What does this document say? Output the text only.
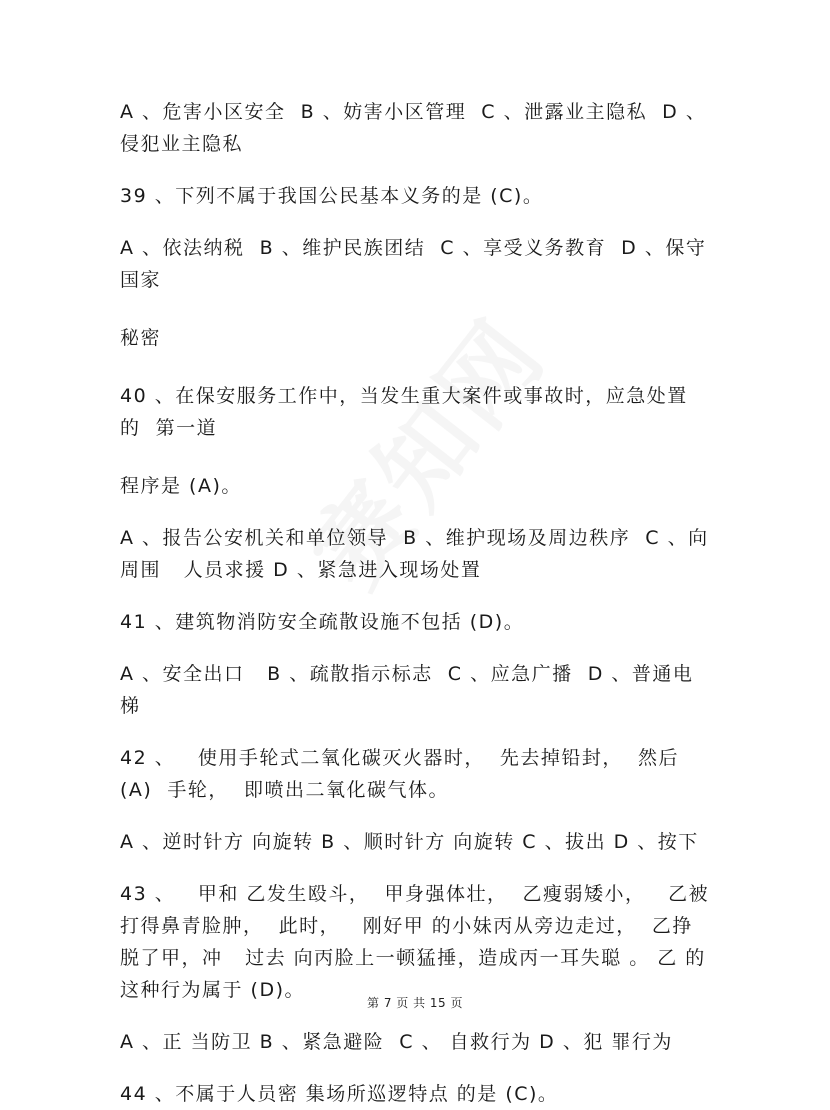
A 、危害小区安全  B 、妨害小区管理  C 、泄露业主隐私  D 、侵犯业主隐私

39 、下列不属于我国公民基本义务的是 (C)。

A 、依法纳税  B 、维护民族团结  C 、享受义务教育  D 、保守国家

秘密

40 、在保安服务工作中，当发生重大案件或事故时，应急处置 的  第一道

程序是 (A)。

A 、报告公安机关和单位领导  B 、维护现场及周边秩序  C 、向周围   人员求援 D 、紧急进入现场处置

41 、建筑物消防安全疏散设施不包括 (D)。

A 、安全出口   B 、疏散指示标志  C 、应急广播  D 、普通电梯

42 、   使用手轮式二氧化碳灭火器时，  先去掉铅封，  然后 (A)  手轮，  即喷出二氧化碳气体。

A 、逆时针方 向旋转 B 、顺时针方 向旋转 C 、拔出 D 、按下

43 、   甲和 乙发生殴斗，  甲身强体壮，  乙瘦弱矮小，   乙被打得鼻青脸肿，  此时，   刚好甲 的小妹丙从旁边走过，  乙挣脱了甲，冲   过去 向丙脸上一顿猛捶，造成丙一耳失聪 。 乙 的这种行为属于 (D)。

A 、正 当防卫 B 、紧急避险  C 、 自救行为 D 、犯 罪行为

44 、不属于人员密 集场所巡逻特点 的是 (C)。

第 7 页 共 15 页
